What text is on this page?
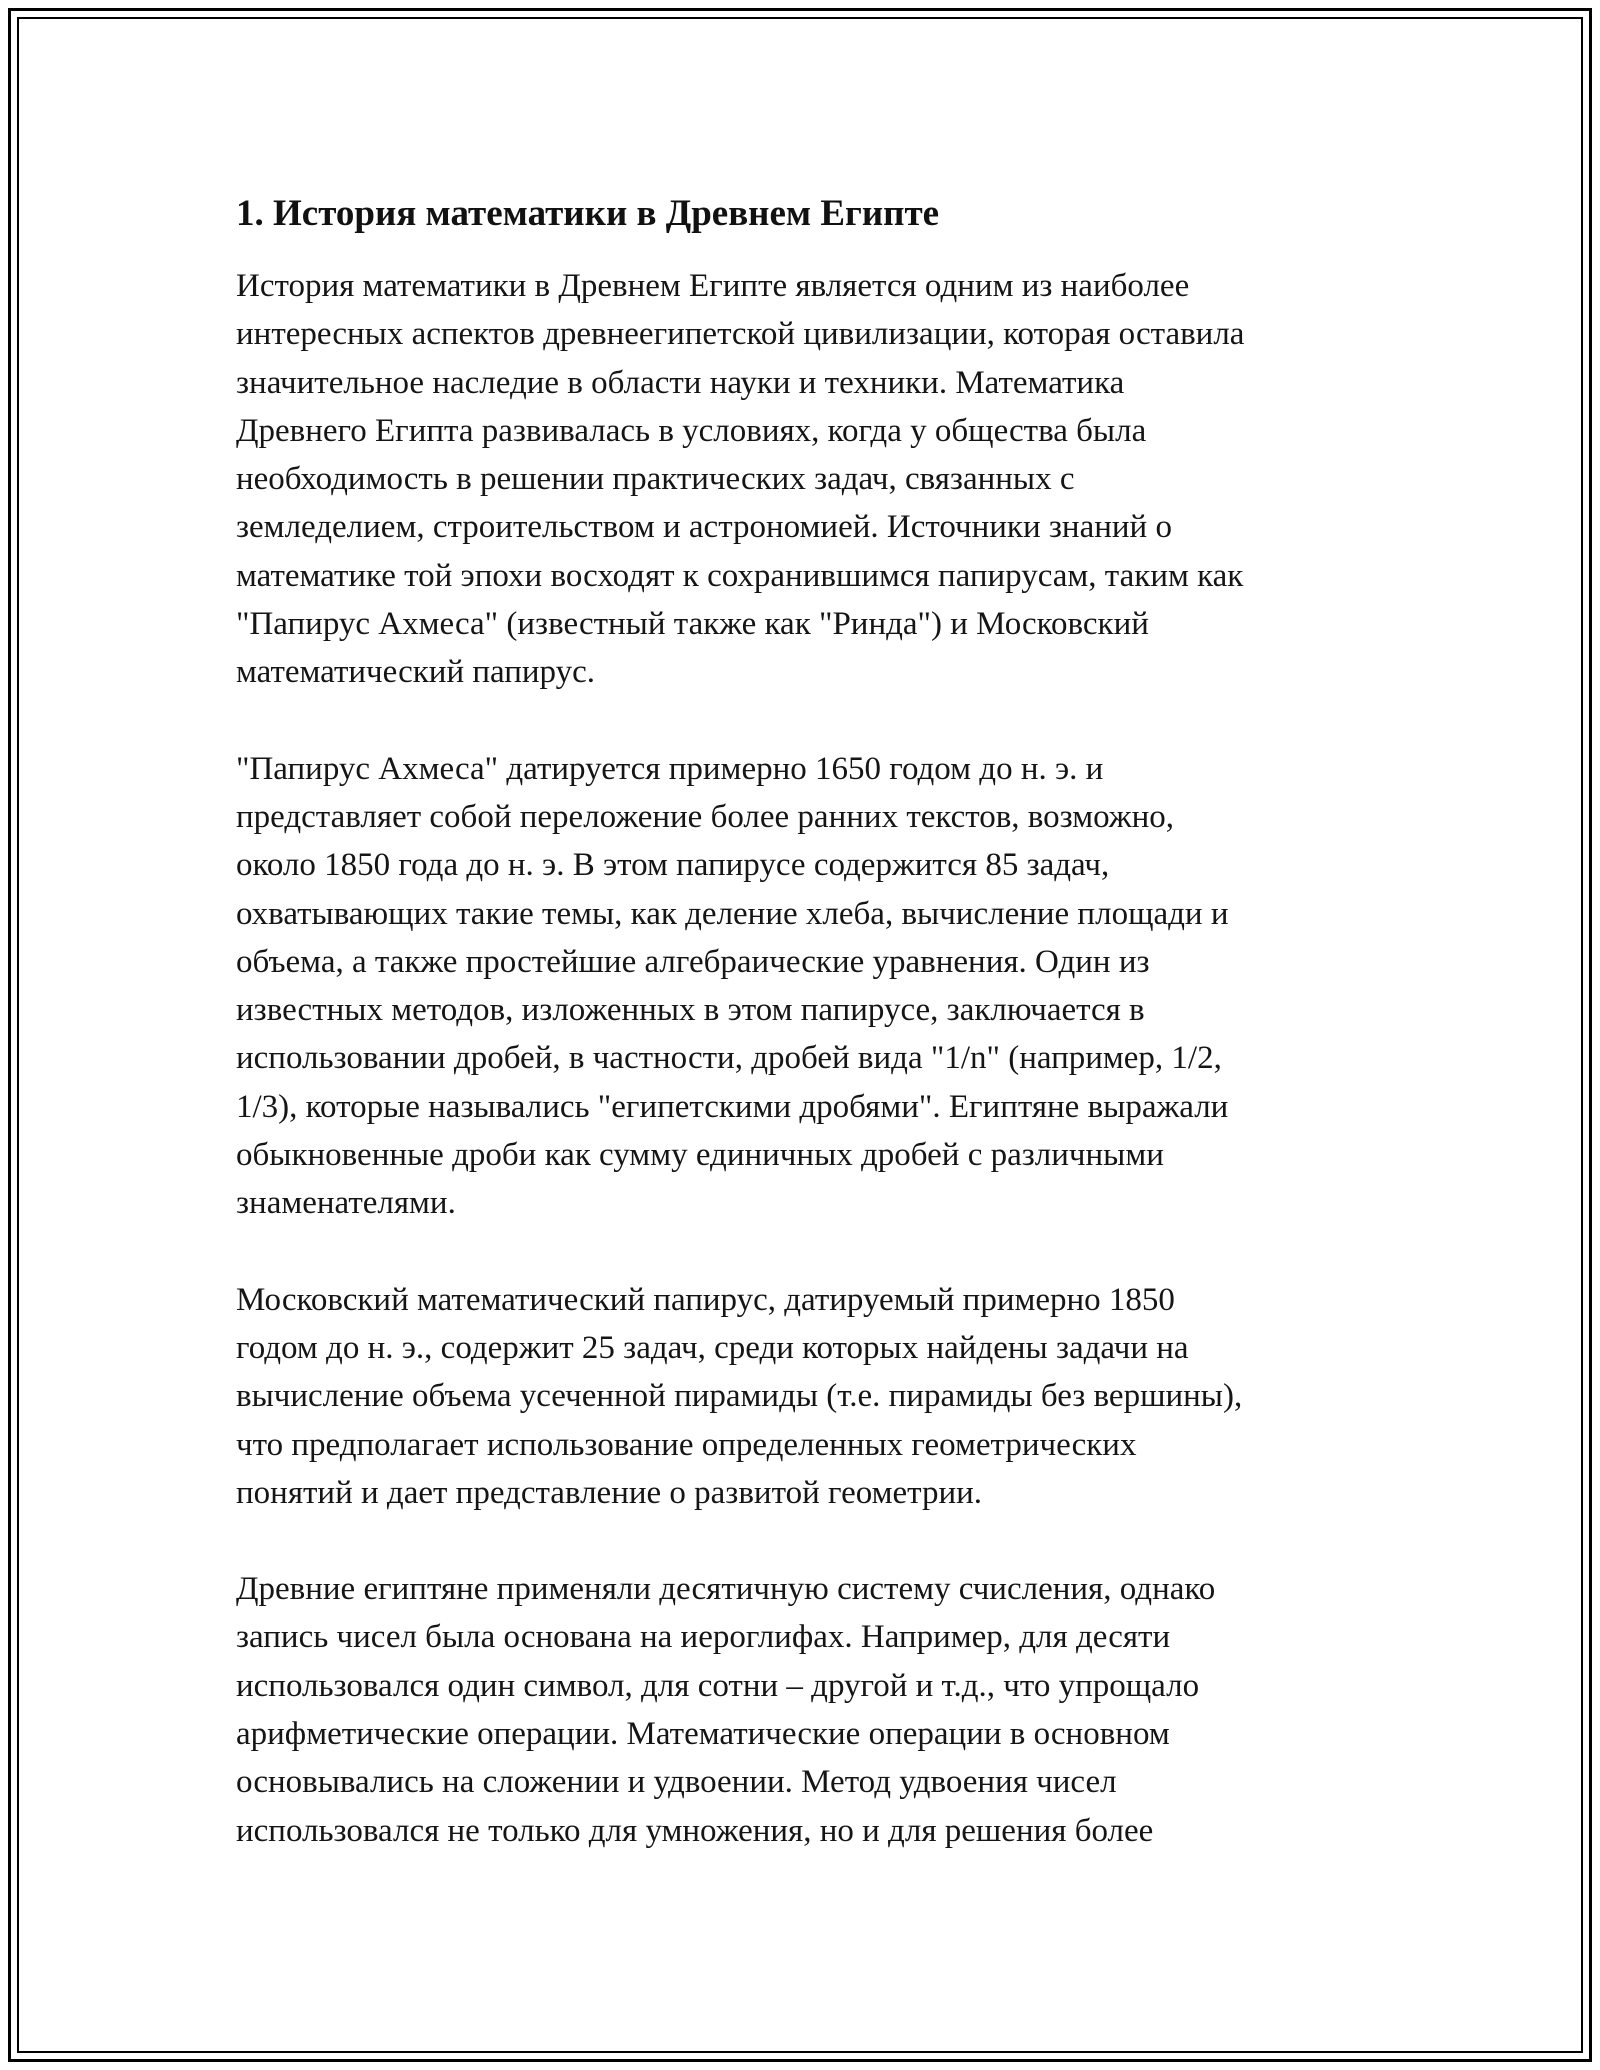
1. История математики в Древнем Египте
История математики в Древнем Египте является одним из наиболее
интересных аспектов древнеегипетской цивилизации, которая оставила
значительное наследие в области науки и техники. Математика
Древнего Египта развивалась в условиях, когда у общества была
необходимость в решении практических задач, связанных с
земледелием, строительством и астрономией. Источники знаний о
математике той эпохи восходят к сохранившимся папирусам, таким как
"Папирус Ахмеса" (известный также как "Ринда") и Московский
математический папирус.
"Папирус Ахмеса" датируется примерно 1650 годом до н. э. и
представляет собой переложение более ранних текстов, возможно,
около 1850 года до н. э. В этом папирусе содержится 85 задач,
охватывающих такие темы, как деление хлеба, вычисление площади и
объема, а также простейшие алгебраические уравнения. Один из
известных методов, изложенных в этом папирусе, заключается в
использовании дробей, в частности, дробей вида "1/n" (например, 1/2,
1/3), которые назывались "египетскими дробями". Египтяне выражали
обыкновенные дроби как сумму единичных дробей с различными
знаменателями.
Московский математический папирус, датируемый примерно 1850
годом до н. э., содержит 25 задач, среди которых найдены задачи на
вычисление объема усеченной пирамиды (т.е. пирамиды без вершины),
что предполагает использование определенных геометрических
понятий и дает представление о развитой геометрии.
Древние египтяне применяли десятичную систему счисления, однако
запись чисел была основана на иероглифах. Например, для десяти
использовался один символ, для сотни – другой и т.д., что упрощало
арифметические операции. Математические операции в основном
основывались на сложении и удвоении. Метод удвоения чисел
использовался не только для умножения, но и для решения более
